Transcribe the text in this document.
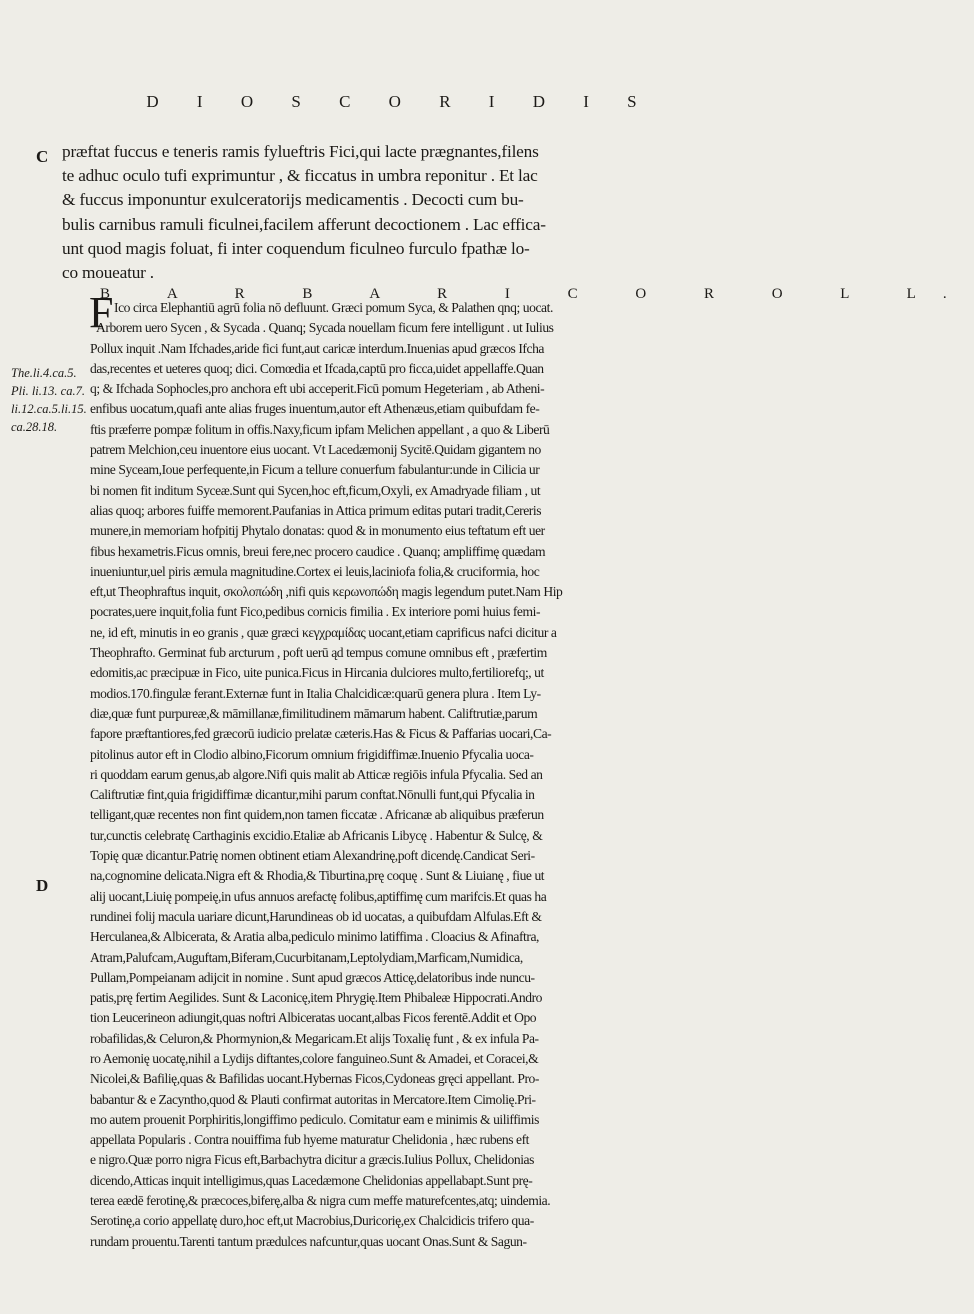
D I O S C O R I D I S
C
D
The.li.4.ca.5.
Pli. li.13. ca.7.
li.12.ca.5.li.15.
ca.28.18.
præftat fuccus e teneris ramis fylueftris Fici,qui lacte prægnantes,filens
te adhuc oculo tufi exprimuntur , & ficcatus in umbra reponitur . Et lac
& fuccus imponuntur exulceratorijs medicamentis . Decocti cum bu-
bulis carnibus ramuli ficulnei,facilem afferunt decoctionem . Lac effica-
unt quod magis foluat, fi inter coquendum ficulneo furculo fpathæ lo-
co moueatur .
B A R B A R I C O R O L L.
F Ico circa Elephantiū agrū folia nō defluunt. Græci pomum Syca, & Palathen qnq; uocat.
Arborem uero Sycen , & Sycada . Quanq; Sycada nouellam ficum fere intelligunt . ut Iulius
Pollux inquit .Nam Ifchades,aride fici funt,aut caricæ interdum.Inuenias apud græcos Ifcha
das,recentes et ueteres quoq; dici. Comœdia et Ifcada,captū pro ficca,uidet appellaffe.Quan
q; & Ifchada Sophocles,pro anchora eft ubi acceperit.Ficū pomum Hegeteriam , ab Atheni-
enfibus uocatum,quafi ante alias fruges inuentum,autor eft Athenæus,etiam quibufdam fe-
ftis præferre pompæ folitum in offis.Naxy,ficum ipfam Melichen appellant , a quo & Liberū
patrem Melchion,ceu inuentore eius uocant. Vt Lacedæmonij Sycitē.Quidam gigantem no
mine Syceam,Ioue perfequente,in Ficum a tellure conuerfum fabulantur:unde in Cilicia ur
bi nomen fit inditum Syceæ.Sunt qui Sycen,hoc eft,ficum,Oxyli, ex Amadryade filiam , ut
alias quoq; arbores fuiffe memorent.Paufanias in Attica primum editas putari tradit,Cereris
munere,in memoriam hofpitij Phytalo donatas: quod & in monumento eius teftatum eft uer
fibus hexametris.Ficus omnis, breui fere,nec procero caudice . Quanq; ampliffimę quædam
inueniuntur,uel piris æmula magnitudine.Cortex ei leuis,laciniofa folia,& cruciformia, hoc
eft,ut Theophraftus inquit, σκολοπώδη ,nifi quis κερωνοπώδη magis legendum putet.Nam Hip
pocrates,uere inquit,folia funt Fico,pedibus cornicis fimilia . Ex interiore pomi huius femi-
ne, id eft, minutis in eo granis , quæ græci κεγχραμίδας uocant,etiam caprificus nafci dicitur a
Theophrafto. Germinat fub arcturum , poft uerū ąd tempus comune omnibus eft , præfertim
edomitis,ac præcipuæ in Fico, uite punica.Ficus in Hircania dulciores multo,fertiliorefq;, ut
modios.170.fingulæ ferant.Externæ funt in Italia Chalcidicæ:quarū genera plura . Item Ly-
diæ,quæ funt purpureæ,& māmillanæ,fimilitudinem māmarum habent. Califtrutiæ,parum
fapore præftantiores,fed græcorū iudicio prelatæ cæteris.Has & Ficus & Paffarias uocari,Ca-
pitolinus autor eft in Clodio albino,Ficorum omnium frigidiffimæ.Inuenio Pfycalia uoca-
ri quoddam earum genus,ab algore.Nifi quis malit ab Atticæ regiōis infula Pfycalia. Sed an
Califtrutiæ fint,quia frigidiffimæ dicantur,mihi parum conftat.Nōnulli funt,qui Pfycalia in
telligant,quæ recentes non fint quidem,non tamen ficcatæ . Africanæ ab aliquibus præferun
tur,cunctis celebratę Carthaginis excidio.Etaliæ ab Africanis Libycę . Habentur & Sulcę, &
Topię quæ dicantur.Patrię nomen obtinent etiam Alexandrinę,poft dicendę.Candicat Seri-
na,cognomine delicata.Nigra eft & Rhodia,& Tiburtina,prę coquę . Sunt & Liuianę , fiue ut
alij uocant,Liuię pompeię,in ufus annuos arefactę folibus,aptiffimę cum marifcis.Et quas ha
rundinei folij macula uariare dicunt,Harundineas ob id uocatas, a quibufdam Alfulas.Eft &
Herculanea,& Albicerata, & Aratia alba,pediculo minimo latiffima . Cloacius & Afinaftra,
Atram,Palufcam,Auguftam,Biferam,Cucurbitanam,Leptolydiam,Marficam,Numidica,
Pullam,Pompeianam adijcit in nomine . Sunt apud græcos Atticę,delatoribus inde nuncu-
patis,prę fertim Aegilides. Sunt & Laconicę,item Phrygię.Item Phibaleæ Hippocrati.Andro
tion Leucerineon adiungit,quas noftri Albiceratas uocant,albas Ficos ferentē.Addit et Opo
robafilidas,& Celuron,& Phormynion,& Megaricam.Et alijs Toxalię funt , & ex infula Pa-
ro Aemonię uocatę,nihil a Lydijs diftantes,colore fanguineo.Sunt & Amadei, et Coracei,&
Nicolei,& Bafilię,quas & Bafilidas uocant.Hybernas Ficos,Cydoneas gręci appellant. Pro-
babantur & e Zacyntho,quod & Plauti confirmat autoritas in Mercatore.Item Cimolię.Pri-
mo autem prouenit Porphiritis,longiffimo pediculo. Comitatur eam e minimis & uiliffimis
appellata Popularis . Contra nouiffima fub hyeme maturatur Chelidonia , hæc rubens eft
e nigro.Quæ porro nigra Ficus eft,Barbachytra dicitur a græcis.Iulius Pollux, Chelidonias
dicendo,Atticas inquit intelligimus,quas Lacedæmone Chelidonias appellabapt.Sunt prę-
terea eædē ferotinę,& præcoces,biferę,alba & nigra cum meffe maturefcentes,atq; uindemia.
Serotinę,a corio appellatę duro,hoc eft,ut Macrobius,Duricorię,ex Chalcidicis trifero qua-
rundam prouentu.Tarenti tantum prædulces nafcuntur,quas uocant Onas.Sunt & Sagun-
